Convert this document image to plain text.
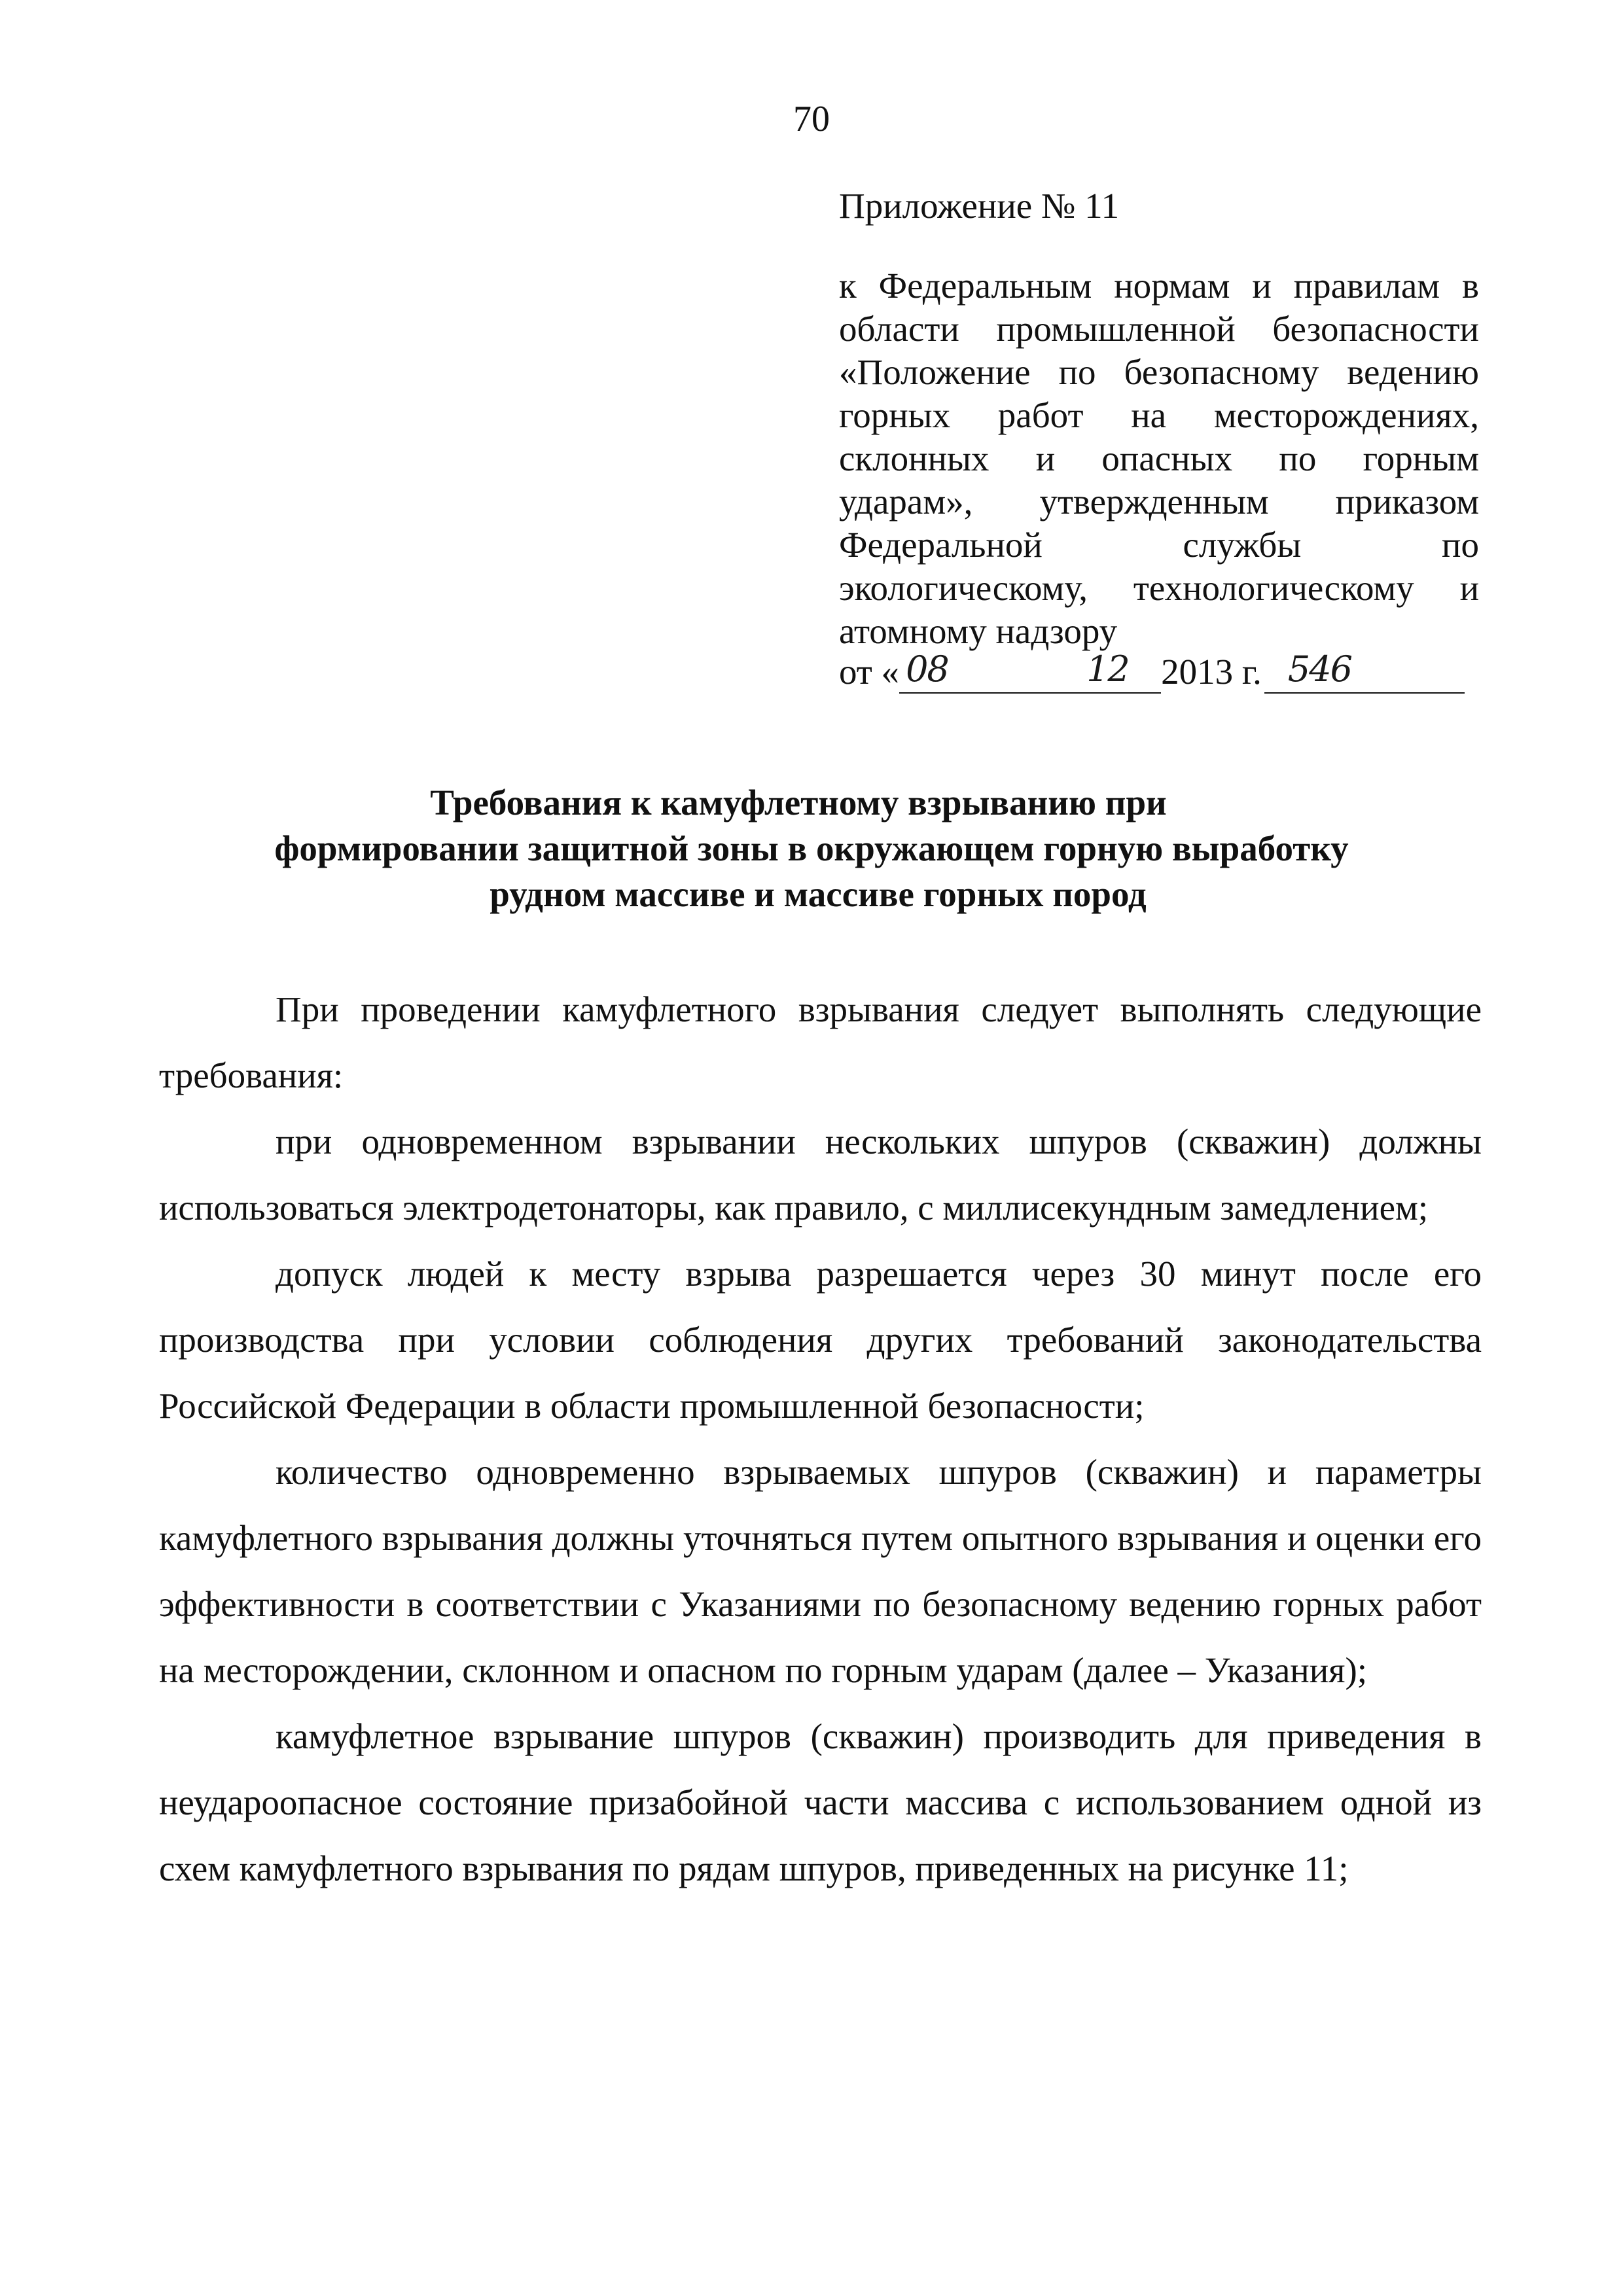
70
Приложение № 11
к Федеральным нормам и правилам в
области промышленной безопасности
«Положение по безопасному ведению
горных работ на месторождениях,
склонных и опасных по горным
ударам», утвержденным приказом
Федеральной службы по
экологическому, технологическому и
атомному надзору
от « 08	12 2013 г. 546
Требования к камуфлетному взрыванию при
формировании защитной зоны в окружающем горную выработку
рудном массиве и массиве горных пород

При проведении камуфлетного взрывания следует выполнять следующие требования:

при одновременном взрывании нескольких шпуров (скважин) должны использоваться электродетонаторы, как правило, с миллисекундным замедлением;

допуск людей к месту взрыва разрешается через 30 минут после его производства при условии соблюдения других требований законодательства Российской Федерации в области промышленной безопасности;

количество одновременно взрываемых шпуров (скважин) и параметры камуфлетного взрывания должны уточняться путем опытного взрывания и оценки его эффективности в соответствии с Указаниями по безопасному ведению горных работ на месторождении, склонном и опасном по горным ударам (далее – Указания);

камуфлетное взрывание шпуров (скважин) производить для приведения в неудароопасное состояние призабойной части массива с использованием одной из схем камуфлетного взрывания по рядам шпуров, приведенных на рисунке 11;
